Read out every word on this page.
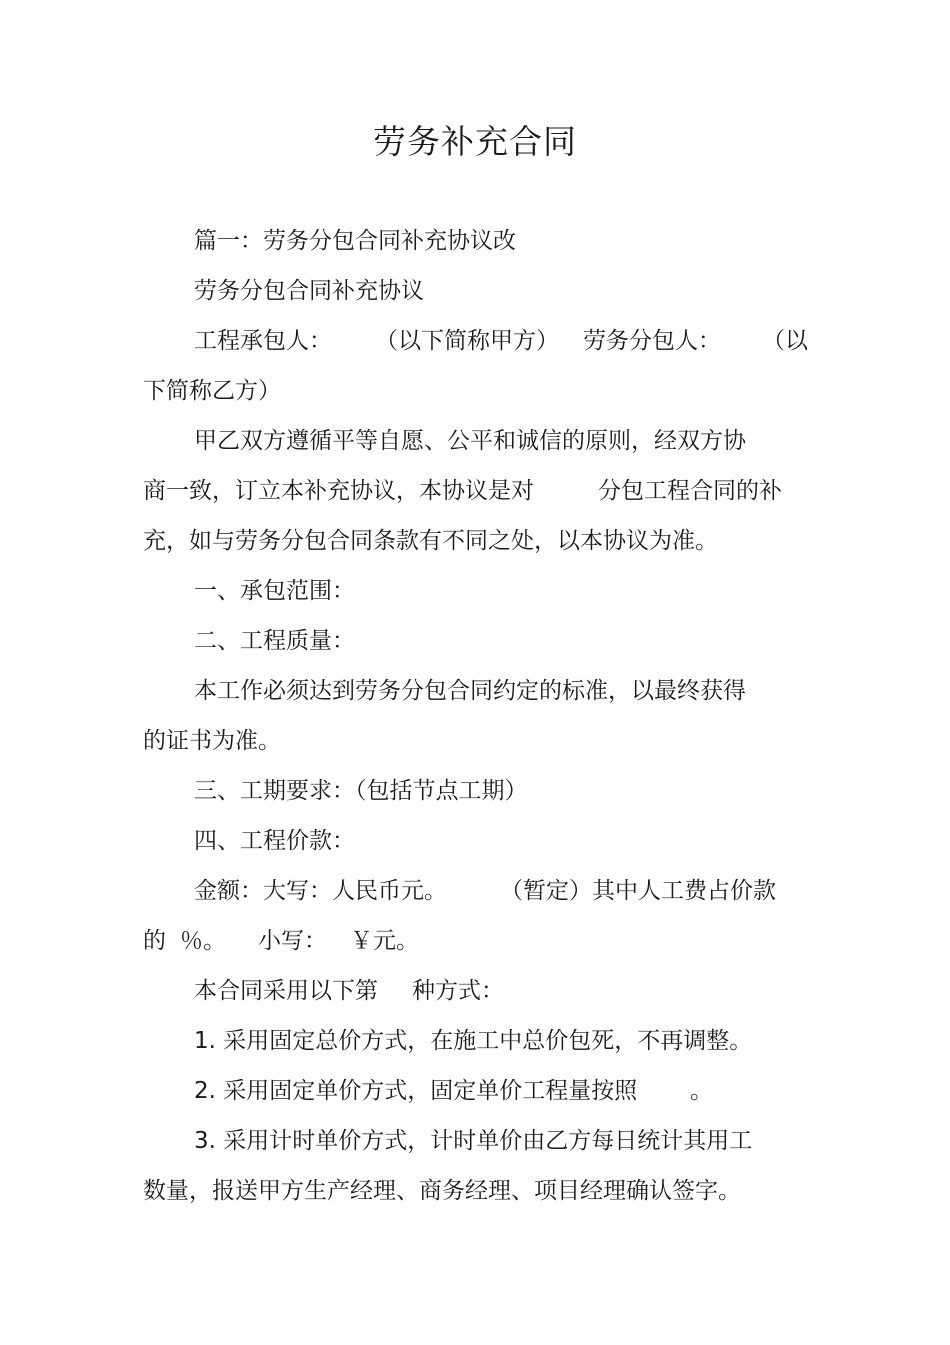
劳务补充合同
篇一：劳务分包合同补充协议改
劳务分包合同补充协议
工程承包人： （以下简称甲方） 劳务分包人： （以
下简称乙方）
甲乙双方遵循平等自愿、公平和诚信的原则，经双方协
商一致，订立本补充协议，本协议是对	分包工程合同的补
充，如与劳务分包合同条款有不同之处，以本协议为准。
一、承包范围：
二、工程质量：
本工作必须达到劳务分包合同约定的标准，以最终获得
的证书为准。
三、工期要求：（包括节点工期）
四、工程价款：
金额：大写：人民币元。 （暂定）其中人工费占价款
的 ％。 小写： ￥元。
本合同采用以下第 种方式：
1. 采用固定总价方式，在施工中总价包死，不再调整。
2. 采用固定单价方式，固定单价工程量按照 。
3. 采用计时单价方式，计时单价由乙方每日统计其用工
数量，报送甲方生产经理、商务经理、项目经理确认签字。
